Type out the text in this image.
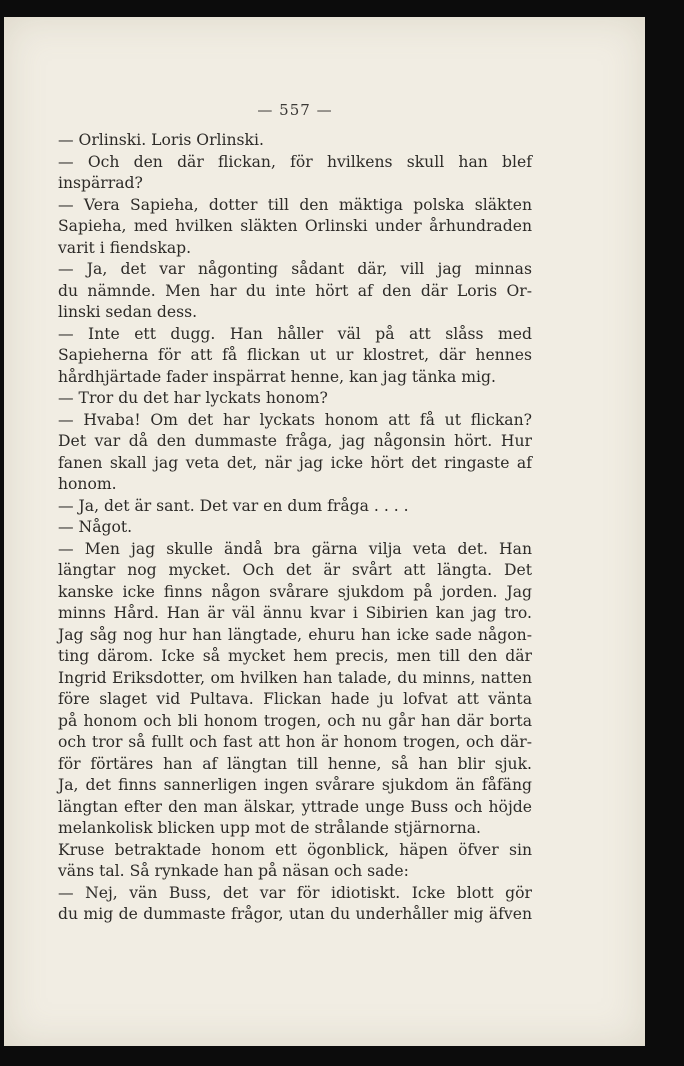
— 557 —
— Orlinski. Loris Orlinski.
— Och den där flickan, för hvilkens skull han blef
inspärrad?
— Vera Sapieha, dotter till den mäktiga polska släkten
Sapieha, med hvilken släkten Orlinski under århundraden
varit i fiendskap.
— Ja, det var någonting sådant där, vill jag minnas
du nämnde. Men har du inte hört af den där Loris Or-
linski sedan dess.
— Inte ett dugg. Han håller väl på att slåss med
Sapieherna för att få flickan ut ur klostret, där hennes
hårdhjärtade fader inspärrat henne, kan jag tänka mig.
— Tror du det har lyckats honom?
— Hvaba! Om det har lyckats honom att få ut flickan?
Det var då den dummaste fråga, jag någonsin hört. Hur
fanen skall jag veta det, när jag icke hört det ringaste af
honom.
— Ja, det är sant. Det var en dum fråga . . . .
— Något.
— Men jag skulle ändå bra gärna vilja veta det. Han
längtar nog mycket. Och det är svårt att längta. Det
kanske icke finns någon svårare sjukdom på jorden. Jag
minns Hård. Han är väl ännu kvar i Sibirien kan jag tro.
Jag såg nog hur han längtade, ehuru han icke sade någon-
ting därom. Icke så mycket hem precis, men till den där
Ingrid Eriksdotter, om hvilken han talade, du minns, natten
före slaget vid Pultava. Flickan hade ju lofvat att vänta
på honom och bli honom trogen, och nu går han där borta
och tror så fullt och fast att hon är honom trogen, och där-
för förtäres han af längtan till henne, så han blir sjuk.
Ja, det finns sannerligen ingen svårare sjukdom än fåfäng
längtan efter den man älskar, yttrade unge Buss och höjde
melankolisk blicken upp mot de strålande stjärnorna.
Kruse betraktade honom ett ögonblick, häpen öfver sin
väns tal. Så rynkade han på näsan och sade:
— Nej, vän Buss, det var för idiotiskt. Icke blott gör
du mig de dummaste frågor, utan du underhåller mig äfven
